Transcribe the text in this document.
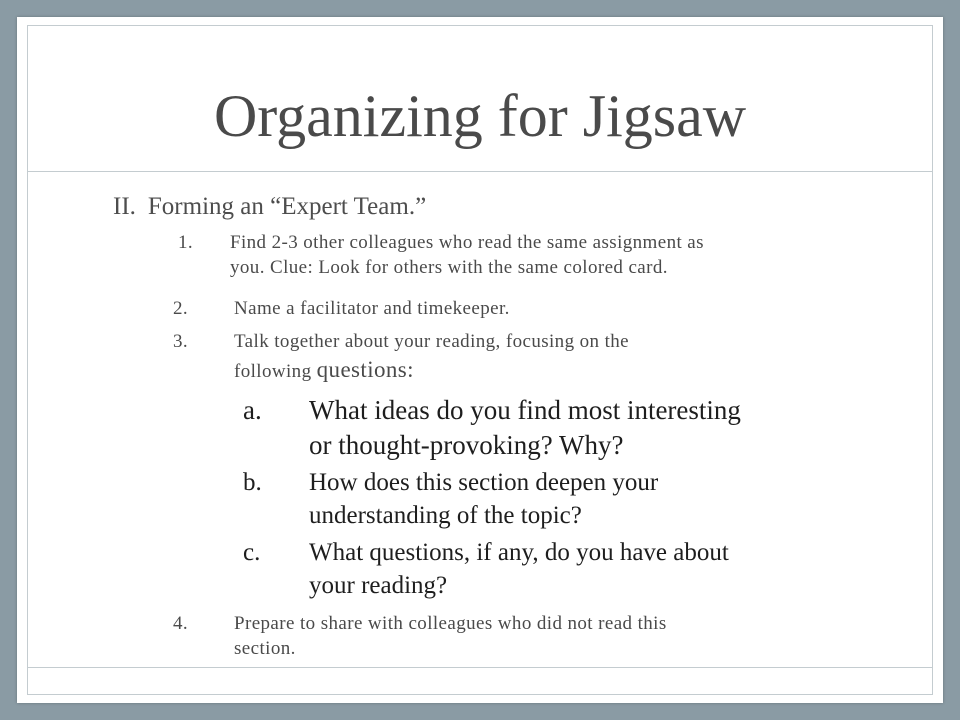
Organizing for Jigsaw
II. Forming an “Expert Team.”
1. Find 2-3 other colleagues who read the same assignment as
you. Clue: Look for others with the same colored card.
2. Name a facilitator and timekeeper.
3. Talk together about your reading, focusing on the
following questions:
a. What ideas do you find most interesting
or thought-provoking? Why?
b. How does this section deepen your
understanding of the topic?
c. What questions, if any, do you have about
your reading?
4. Prepare to share with colleagues who did not read this
section.
